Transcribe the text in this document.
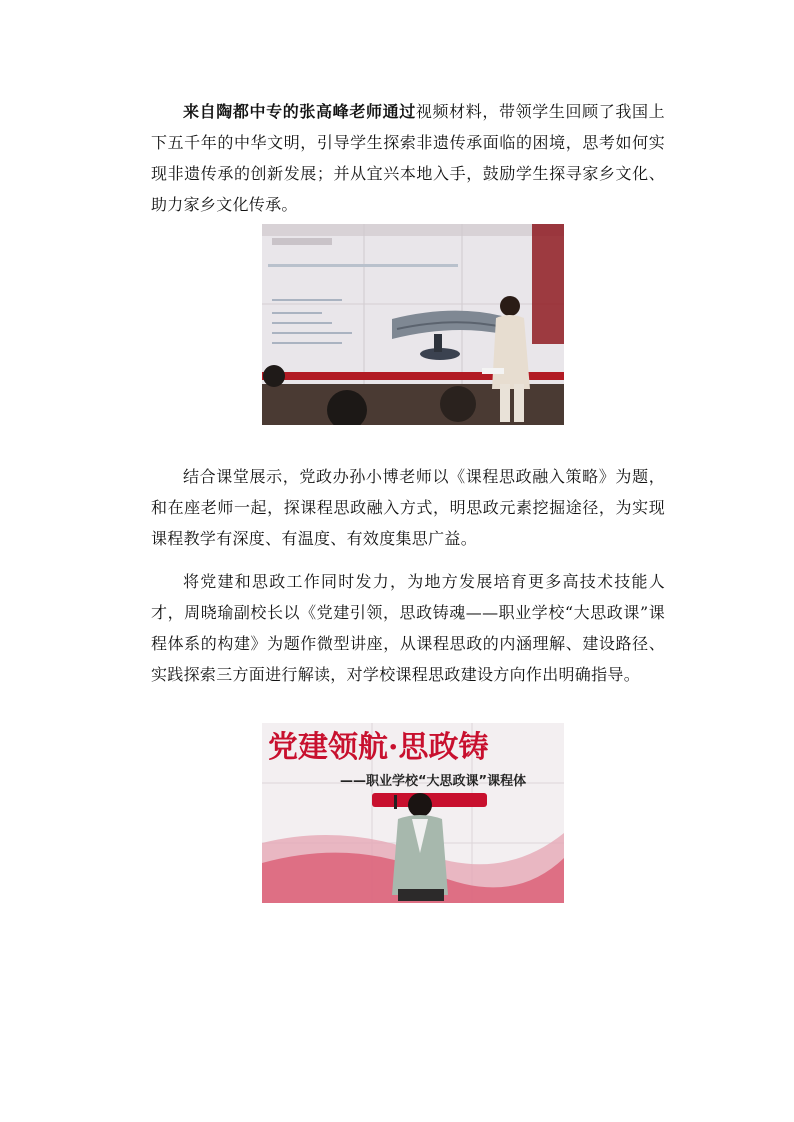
来自陶都中专的张高峰老师通过视频材料，带领学生回顾了我国上下五千年的中华文明，引导学生探索非遗传承面临的困境，思考如何实现非遗传承的创新发展；并从宜兴本地入手，鼓励学生探寻家乡文化、助力家乡文化传承。

结合课堂展示，党政办孙小博老师以《课程思政融入策略》为题，和在座老师一起，探课程思政融入方式，明思政元素挖掘途径，为实现课程教学有深度、有温度、有效度集思广益。

将党建和思政工作同时发力，为地方发展培育更多高技术技能人才，周晓瑜副校长以《党建引领，思政铸魂——职业学校“大思政课”课程体系的构建》为题作微型讲座，从课程思政的内涵理解、建设路径、实践探索三方面进行解读，对学校课程思政建设方向作出明确指导。

党建领航·思政铸
——职业学校“大思政课”课程体
